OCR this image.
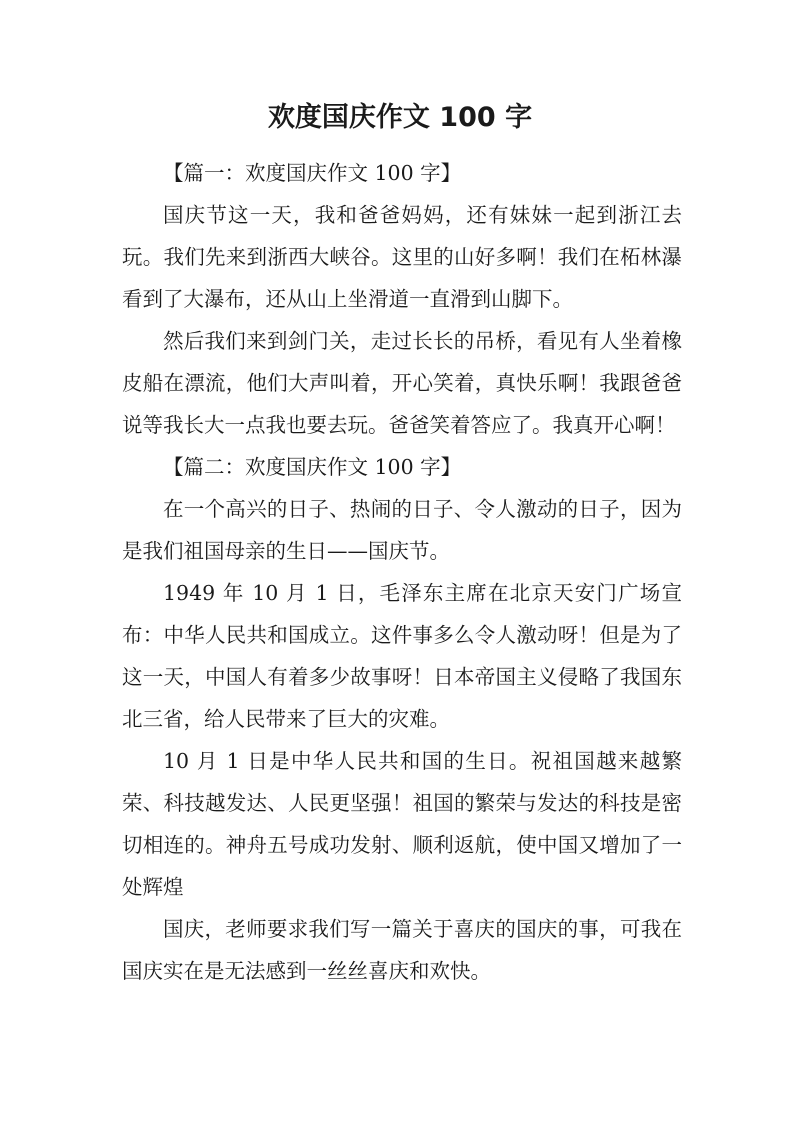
欢度国庆作文 100 字

【篇一：欢度国庆作文 100 字】

国庆节这一天，我和爸爸妈妈，还有妹妹一起到浙江去玩。我们先来到浙西大峡谷。这里的山好多啊！我们在柘林瀑看到了大瀑布，还从山上坐滑道一直滑到山脚下。

然后我们来到剑门关，走过长长的吊桥，看见有人坐着橡皮船在漂流，他们大声叫着，开心笑着，真快乐啊！我跟爸爸说等我长大一点我也要去玩。爸爸笑着答应了。我真开心啊！

【篇二：欢度国庆作文 100 字】

在一个高兴的日子、热闹的日子、令人激动的日子，因为是我们祖国母亲的生日——国庆节。

1949 年 10 月 1 日，毛泽东主席在北京天安门广场宣布：中华人民共和国成立。这件事多么令人激动呀！但是为了这一天，中国人有着多少故事呀！日本帝国主义侵略了我国东北三省，给人民带来了巨大的灾难。

10 月 1 日是中华人民共和国的生日。祝祖国越来越繁荣、科技越发达、人民更坚强！祖国的繁荣与发达的科技是密切相连的。神舟五号成功发射、顺利返航，使中国又增加了一处辉煌

国庆，老师要求我们写一篇关于喜庆的国庆的事，可我在国庆实在是无法感到一丝丝喜庆和欢快。
